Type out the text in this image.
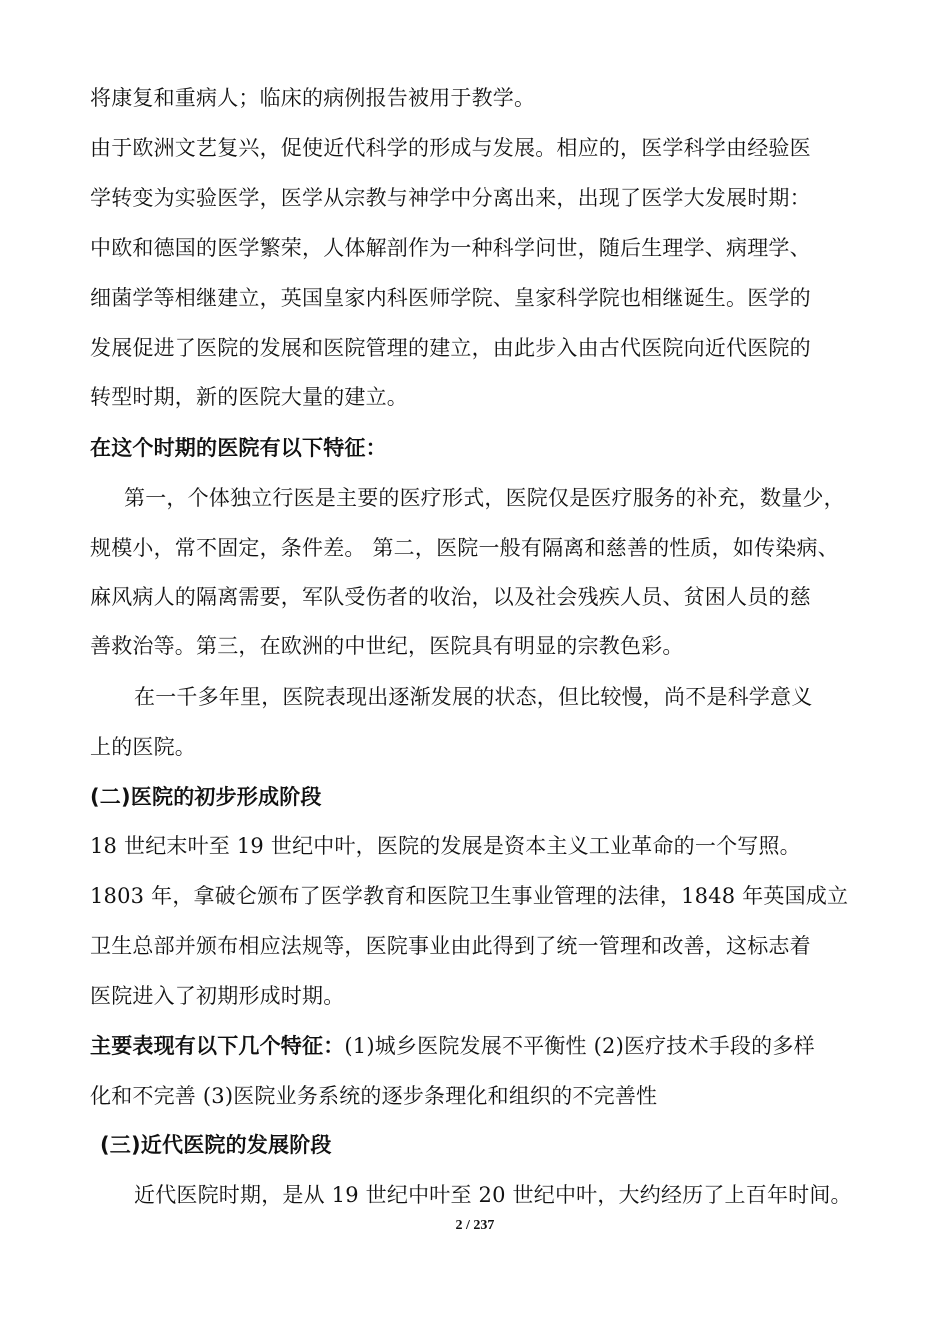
将康复和重病人；临床的病例报告被用于教学。
由于欧洲文艺复兴，促使近代科学的形成与发展。相应的，医学科学由经验医
学转变为实验医学，医学从宗教与神学中分离出来，出现了医学大发展时期：
中欧和德国的医学繁荣，人体解剖作为一种科学问世，随后生理学、病理学、
细菌学等相继建立，英国皇家内科医师学院、皇家科学院也相继诞生。医学的
发展促进了医院的发展和医院管理的建立，由此步入由古代医院向近代医院的
转型时期，新的医院大量的建立。
在这个时期的医院有以下特征：
第一，个体独立行医是主要的医疗形式，医院仅是医疗服务的补充，数量少，
规模小，常不固定，条件差。 第二，医院一般有隔离和慈善的性质，如传染病、
麻风病人的隔离需要，军队受伤者的收治，以及社会残疾人员、贫困人员的慈
善救治等。第三，在欧洲的中世纪，医院具有明显的宗教色彩。
在一千多年里，医院表现出逐渐发展的状态，但比较慢，尚不是科学意义
上的医院。
(二)医院的初步形成阶段
18 世纪末叶至 19 世纪中叶，医院的发展是资本主义工业革命的一个写照。
1803 年，拿破仑颁布了医学教育和医院卫生事业管理的法律，1848 年英国成立
卫生总部并颁布相应法规等，医院事业由此得到了统一管理和改善，这标志着
医院进入了初期形成时期。
主要表现有以下几个特征：(1)城乡医院发展不平衡性 (2)医疗技术手段的多样
化和不完善 (3)医院业务系统的逐步条理化和组织的不完善性
(三)近代医院的发展阶段
近代医院时期，是从 19 世纪中叶至 20 世纪中叶，大约经历了上百年时间。
2 / 237
